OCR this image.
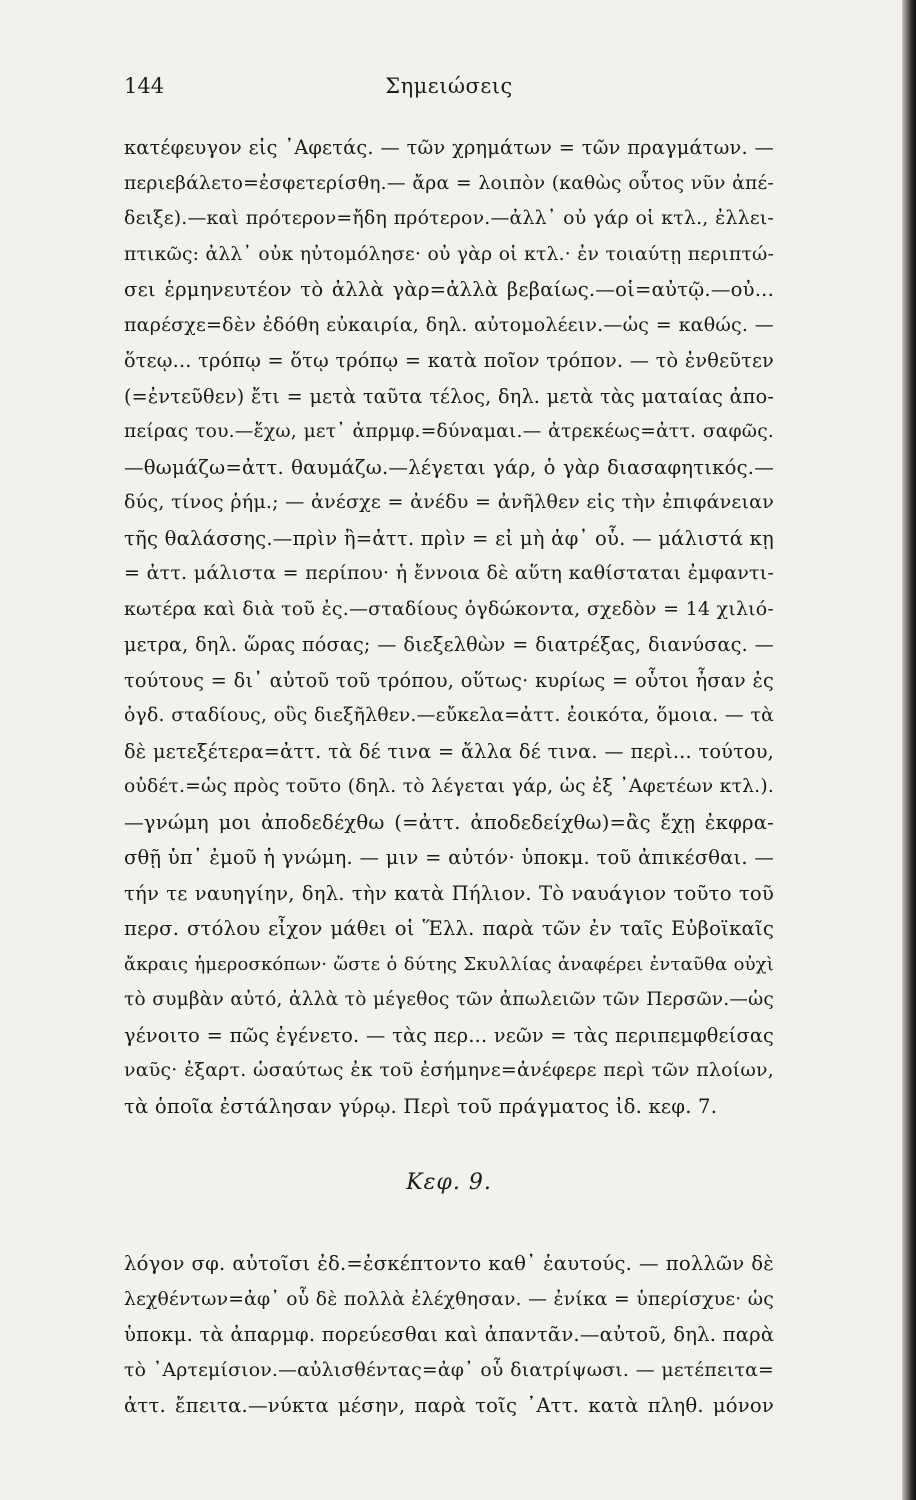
144	Σημειώσεις
κατέφευγον εἰς ᾿Αφετάς. — τῶν χρημάτων = τῶν πραγμάτων. —
περιεβάλετο=ἐσφετερίσθη.— ἄρα = λοιπὸν (καθὼς οὗτος νῦν ἀπέ-
δειξε).—καὶ πρότερον=ἤδη πρότερον.—ἀλλ᾽ οὐ γάρ οἱ κτλ., ἐλλει-
πτικῶς: ἀλλ᾽ οὐκ ηὐτομόλησε· οὐ γὰρ οἱ κτλ.· ἐν τοιαύτῃ περιπτώ-
σει ἑρμηνευτέον τὸ ἀλλὰ γὰρ=ἀλλὰ βεβαίως.—οἱ=αὐτῷ.—οὐ...
παρέσχε=δὲν ἐδόθη εὐκαιρία, δηλ. αὐτομολέειν.—ὡς = καθώς. —
ὅτεῳ... τρόπῳ = ὅτῳ τρόπῳ = κατὰ ποῖον τρόπον. — τὸ ἐνθεῦτεν
(=ἐντεῦθεν) ἔτι = μετὰ ταῦτα τέλος, δηλ. μετὰ τὰς ματαίας ἀπο-
πείρας του.—ἔχω, μετ᾽ ἀπρμφ.=δύναμαι.— ἀτρεκέως=ἀττ. σαφῶς.
—θωμάζω=ἀττ. θαυμάζω.—λέγεται γάρ, ὁ γὰρ διασαφητικός.—
δύς, τίνος ῥήμ.; — ἀνέσχε = ἀνέδυ = ἀνῆλθεν εἰς τὴν ἐπιφάνειαν
τῆς θαλάσσης.—πρὶν ἢ=ἀττ. πρὶν = εἰ μὴ ἀφ᾽ οὗ. — μάλιστά κῃ
= ἀττ. μάλιστα = περίπου· ἡ ἔννοια δὲ αὕτη καθίσταται ἐμφαντι-
κωτέρα καὶ διὰ τοῦ ἐς.—σταδίους ὀγδώκοντα, σχεδὸν = 14 χιλιό-
μετρα, δηλ. ὥρας πόσας; — διεξελθὼν = διατρέξας, διανύσας. —
τούτους = δι᾽ αὐτοῦ τοῦ τρόπου, οὕτως· κυρίως = οὗτοι ἦσαν ἐς
ὀγδ. σταδίους, οὓς διεξῆλθεν.—εὔκελα=ἀττ. ἐοικότα, ὅμοια. — τὰ
δὲ μετεξέτερα=ἀττ. τὰ δέ τινα = ἄλλα δέ τινα. — περὶ... τούτου,
οὐδέτ.=ὡς πρὸς τοῦτο (δηλ. τὸ λέγεται γάρ, ὡς ἐξ ᾿Αφετέων κτλ.).
—γνώμη μοι ἀποδεδέχθω (=ἀττ. ἀποδεδείχθω)=ἂς ἔχῃ ἐκφρα-
σθῇ ὑπ᾽ ἐμοῦ ἡ γνώμη. — μιν = αὐτόν· ὑποκμ. τοῦ ἀπικέσθαι. —
τήν τε ναυηγίην, δηλ. τὴν κατὰ Πήλιον. Τὸ ναυάγιον τοῦτο τοῦ
περσ. στόλου εἶχον μάθει οἱ Ἕλλ. παρὰ τῶν ἐν ταῖς Εὐβοϊκαῖς
ἄκραις ἡμεροσκόπων· ὥστε ὁ δύτης Σκυλλίας ἀναφέρει ἐνταῦθα οὐχὶ
τὸ συμβὰν αὐτό, ἀλλὰ τὸ μέγεθος τῶν ἀπωλειῶν τῶν Περσῶν.—ὡς
γένοιτο = πῶς ἐγένετο. — τὰς περ... νεῶν = τὰς περιπεμφθείσας
ναῦς· ἐξαρτ. ὡσαύτως ἐκ τοῦ ἐσήμηνε=ἀνέφερε περὶ τῶν πλοίων,
τὰ ὁποῖα ἐστάλησαν γύρῳ. Περὶ τοῦ πράγματος ἰδ. κεφ. 7.
Κεφ. 9.
λόγον σφ. αὐτοῖσι ἐδ.=ἐσκέπτοντο καθ᾽ ἑαυτούς. — πολλῶν δὲ
λεχθέντων=ἀφ᾽ οὗ δὲ πολλὰ ἐλέχθησαν. — ἐνίκα = ὑπερίσχυε· ὡς
ὑποκμ. τὰ ἀπαρμφ. πορεύεσθαι καὶ ἀπαντᾶν.—αὐτοῦ, δηλ. παρὰ
τὸ ᾿Αρτεμίσιον.—αὐλισθέντας=ἀφ᾽ οὗ διατρίψωσι. — μετέπειτα=
ἀττ. ἔπειτα.—νύκτα μέσην, παρὰ τοῖς ᾿Αττ. κατὰ πληθ. μόνον
